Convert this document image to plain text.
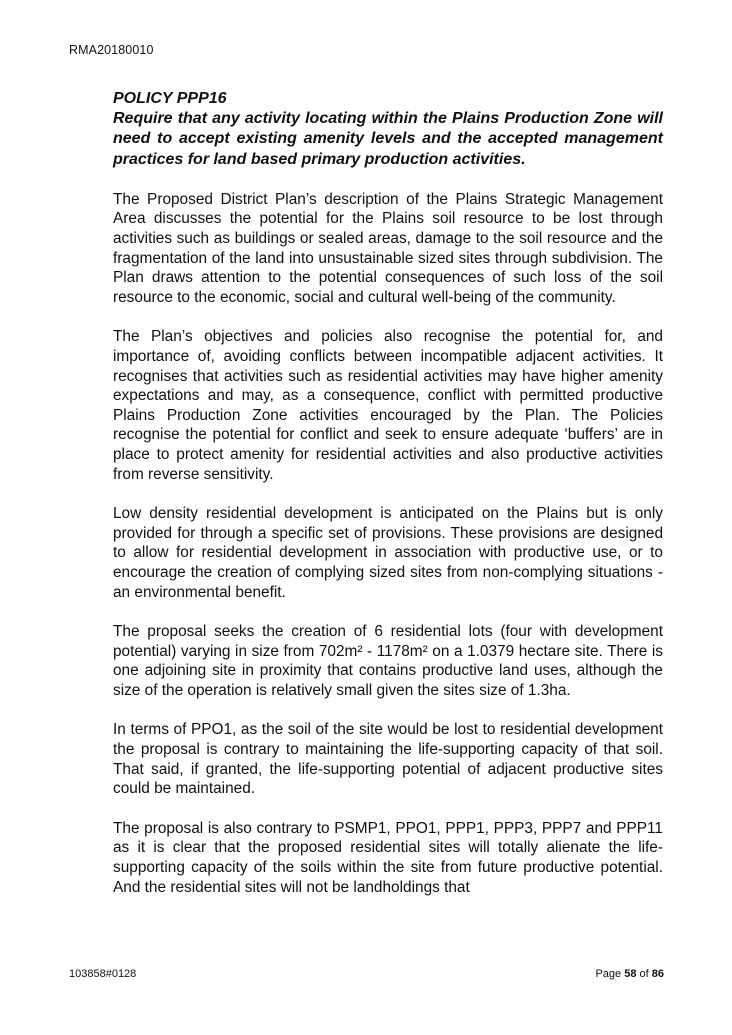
RMA20180010

POLICY PPP16

Require that any activity locating within the Plains Production Zone will need to accept existing amenity levels and the accepted management practices for land based primary production activities.

The Proposed District Plan’s description of the Plains Strategic Management Area discusses the potential for the Plains soil resource to be lost through activities such as buildings or sealed areas, damage to the soil resource and the fragmentation of the land into unsustainable sized sites through subdivision. The Plan draws attention to the potential consequences of such loss of the soil resource to the economic, social and cultural well-being of the community.

The Plan’s objectives and policies also recognise the potential for, and importance of, avoiding conflicts between incompatible adjacent activities. It recognises that activities such as residential activities may have higher amenity expectations and may, as a consequence, conflict with permitted productive Plains Production Zone activities encouraged by the Plan. The Policies recognise the potential for conflict and seek to ensure adequate ‘buffers’ are in place to protect amenity for residential activities and also productive activities from reverse sensitivity.

Low density residential development is anticipated on the Plains but is only provided for through a specific set of provisions. These provisions are designed to allow for residential development in association with productive use, or to encourage the creation of complying sized sites from non-complying situations - an environmental benefit.

The proposal seeks the creation of 6 residential lots (four with development potential) varying in size from 702m² - 1178m² on a 1.0379 hectare site. There is one adjoining site in proximity that contains productive land uses, although the size of the operation is relatively small given the sites size of 1.3ha.

In terms of PPO1, as the soil of the site would be lost to residential development the proposal is contrary to maintaining the life-supporting capacity of that soil. That said, if granted, the life-supporting potential of adjacent productive sites could be maintained.

The proposal is also contrary to PSMP1, PPO1, PPP1, PPP3, PPP7 and PPP11 as it is clear that the proposed residential sites will totally alienate the life-supporting capacity of the soils within the site from future productive potential. And the residential sites will not be landholdings that

103858#0128	Page 58 of 86
